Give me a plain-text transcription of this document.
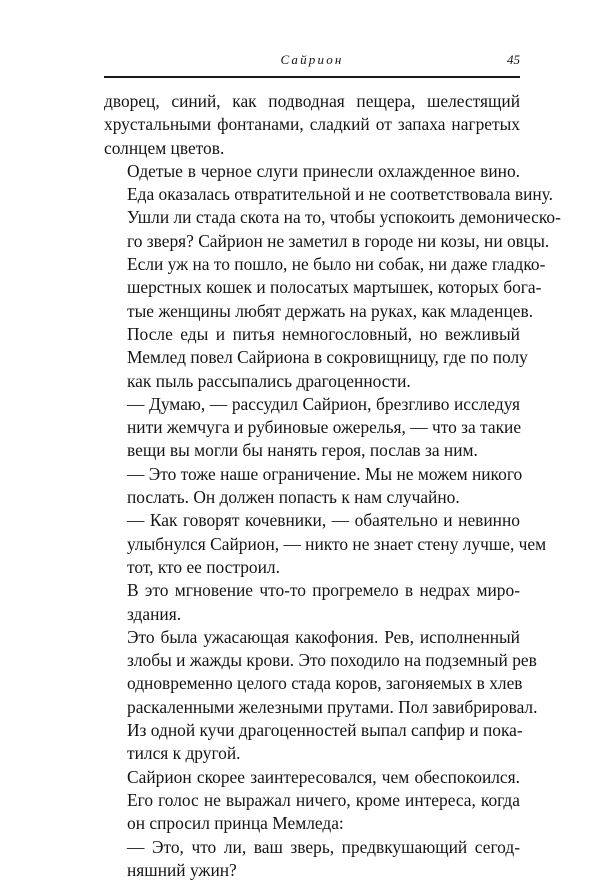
Сайрион	45

дворец, синий, как подводная пещера, шелестящий
хрустальными фонтанами, сладкий от запаха нагретых
солнцем цветов.

Одетые в черное слуги принесли охлажденное вино.
Еда оказалась отвратительной и не соответствовала вину.
Ушли ли стада скота на то, чтобы успокоить демоническо-
го зверя? Сайрион не заметил в городе ни козы, ни овцы.
Если уж на то пошло, не было ни собак, ни даже гладко-
шерстных кошек и полосатых мартышек, которых бога-
тые женщины любят держать на руках, как младенцев.

После еды и питья немногословный, но вежливый
Мемлед повел Сайриона в сокровищницу, где по полу
как пыль рассыпались драгоценности.

— Думаю, — рассудил Сайрион, брезгливо исследуя
нити жемчуга и рубиновые ожерелья, — что за такие
вещи вы могли бы нанять героя, послав за ним.

— Это тоже наше ограничение. Мы не можем никого
послать. Он должен попасть к нам случайно.

— Как говорят кочевники, — обаятельно и невинно
улыбнулся Сайрион, — никто не знает стену лучше, чем
тот, кто ее построил.

В это мгновение что-то прогремело в недрах миро-
здания.

Это была ужасающая какофония. Рев, исполненный
злобы и жажды крови. Это походило на подземный рев
одновременно целого стада коров, загоняемых в хлев
раскаленными железными прутами. Пол завибрировал.
Из одной кучи драгоценностей выпал сапфир и пока-
тился к другой.

Сайрион скорее заинтересовался, чем обеспокоился.
Его голос не выражал ничего, кроме интереса, когда
он спросил принца Мемледа:

— Это, что ли, ваш зверь, предвкушающий сегод-
няшний ужин?
